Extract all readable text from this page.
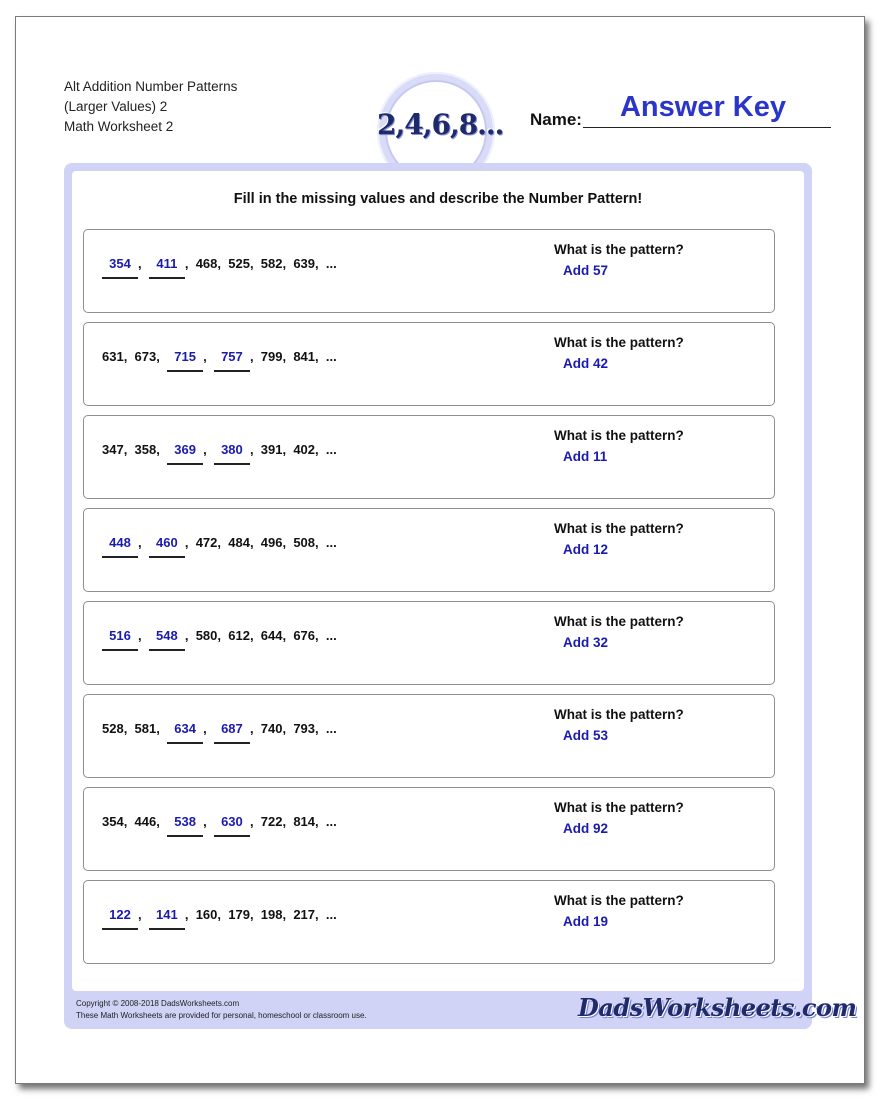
Alt Addition Number Patterns
(Larger Values) 2
Math Worksheet 2	2,4,6,8... Name:	Answer Key
Fill in the missing values and describe the Number Pattern!
354 ,  411 ,  468,  525,  582,  639,  ...
What is the pattern?
Add 57
631,  673,  715 ,  757 ,  799,  841,  ...
What is the pattern?
Add 42
347,  358,  369 ,  380 ,  391,  402,  ...
What is the pattern?
Add 11
448 ,  460 ,  472,  484,  496,  508,  ...
What is the pattern?
Add 12
516 ,  548 ,  580,  612,  644,  676,  ...
What is the pattern?
Add 32
528,  581,  634 ,  687 ,  740,  793,  ...
What is the pattern?
Add 53
354,  446,  538 ,  630 ,  722,  814,  ...
What is the pattern?
Add 92
122 ,  141 ,  160,  179,  198,  217,  ...
What is the pattern?
Add 19
Copyright © 2008-2018 DadsWorksheets.com
These Math Worksheets are provided for personal, homeschool or classroom use.	DadsWorksheets.com
